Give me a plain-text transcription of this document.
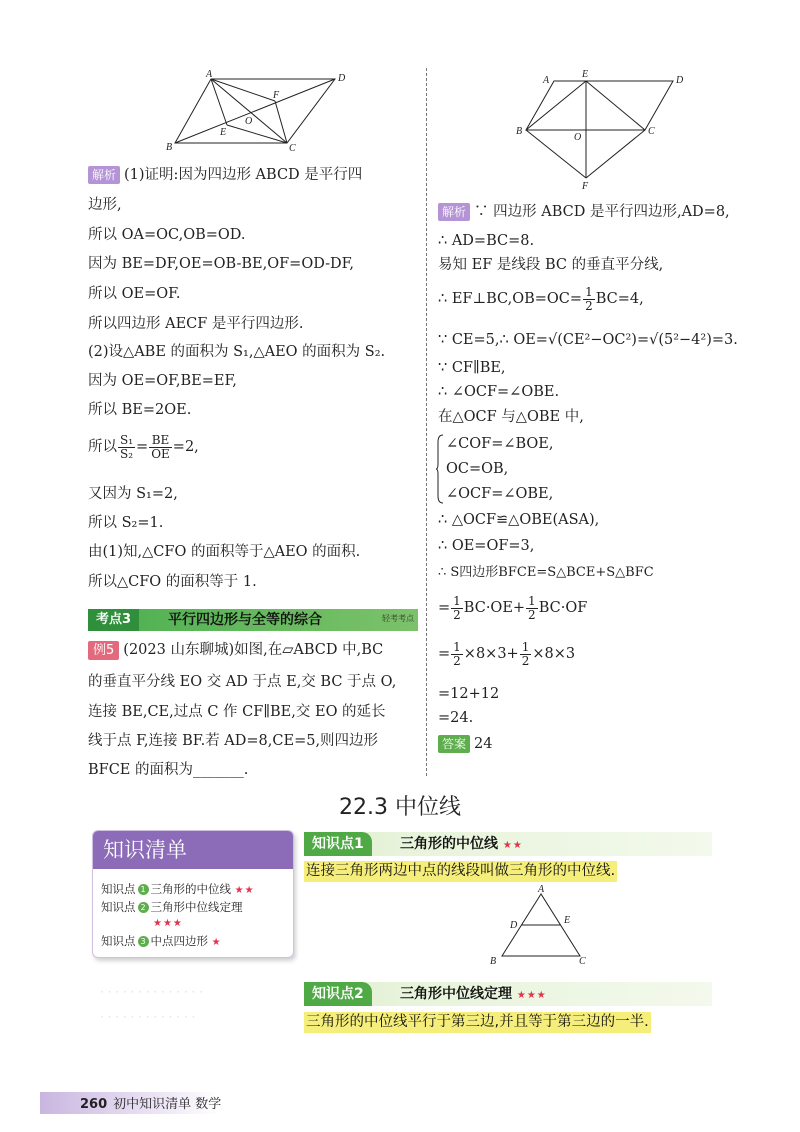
A	D
B	C
E
F
O
解析 (1)证明:因为四边形 ABCD 是平行四
边形,
所以 OA=OC,OB=OD.
因为 BE=DF,OE=OB-BE,OF=OD-DF,
所以 OE=OF.
所以四边形 AECF 是平行四边形.
(2)设△ABE 的面积为 S₁,△AEO 的面积为 S₂.
因为 OE=OF,BE=EF,
所以 BE=2OE.
所以 $\frac{\text{S₁}}{\text{S₂}} = \frac{BE}{OE} =2$,
又因为 S₁=2,
所以 S₂=1.
由(1)知,△CFO 的面积等于△AEO 的面积.
所以△CFO 的面积等于 1.
考点3	平行四边形与全等的综合	轻考考点
例5 (2023 山东聊城)如图,在▱ABCD 中,BC
的垂直平分线 EO 交 AD 于点 E,交 BC 于点 O,
连接 BE,CE,过点 C 作 CF∥BE,交 EO 的延长
线于点 F,连接 BF.若 AD=8,CE=5,则四边形
BFCE 的面积为_______.
A
E
D
B
O
C
F
解析 ∵ 四边形 ABCD 是平行四边形,AD=8,
∴ AD=BC=8.
易知 EF 是线段 BC 的垂直平分线,
∴ EF⊥BC,OB=OC= $\frac{1}{2} BC=4$,
∵ CE=5,∴ OE=√(CE²−OC²)=√(5²−4²)=3.
∵ CF∥BE,
∴ ∠OCF=∠OBE.
在△OCF 与△OBE 中,
∠COF=∠BOE,
OC=OB,
∠OCF=∠OBE,
∴ △OCF≌△OBE(ASA),
∴ OE=OF=3,
∴ S四边形BFCE=S△BCE+S△BFC
= $\frac{1}{2} BC\cdot OE+ \frac{1}{2} BC\cdot OF$
= $\frac{1}{2} \times 8\times 3+ \frac{1}{2} \times 8\times 3$
=12+12
=24.
答案 24
22.3 中位线
· · · · · · · · · · · · · ·
· · · · · · · · · · · · ·
知识清单
知识点 1 三角形的中位线 ★★
知识点 2 三角形中位线定理
★★★
知识点 3 中点四边形 ★
知识点1	三角形的中位线 ★★
连接三角形两边中点的线段叫做三角形的中位线.
A
D	E
B	C
知识点2	三角形中位线定理 ★★★
三角形的中位线平行于第三边,并且等于第三边的一半.
260 初中知识清单 数学
